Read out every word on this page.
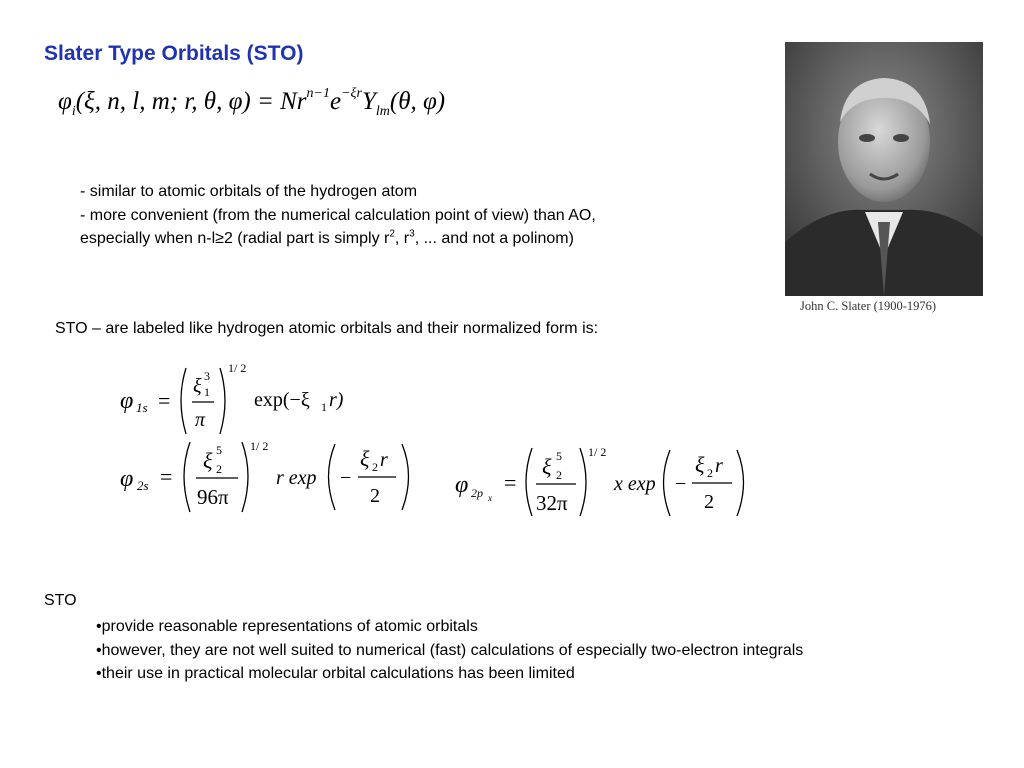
Slater Type Orbitals (STO)
$\varphi_i(\xi$, n, l, m; r, θ, $\varphi) = Nr^{n-1}e^{-\xi r}Y_{lm}(\theta$, φ)
- similar to atomic orbitals of the hydrogen atom
- more convenient (from the numerical calculation point of view) than AO,
especially when n-l≥2 (radial part is simply $r^2$, $r^3$, ... and not a polinom)
John C. Slater (1900-1976)
STO – are labeled like hydrogen atomic orbitals and their normalized form is:
φ 1s =
ξ 3
1
π
1/ 2
exp(−ξ 1 r)
φ 2s =
ξ 5
2
96π
1/ 2
r exp −
ξ 2 r
2	φ 2p x
=
ξ 5
2
32π
1/ 2
x exp −
ξ 2 r
2
STO
• provide reasonable representations of atomic orbitals
• however, they are not well suited to numerical (fast) calculations of especially two-electron integrals
• their use in practical molecular orbital calculations has been limited
